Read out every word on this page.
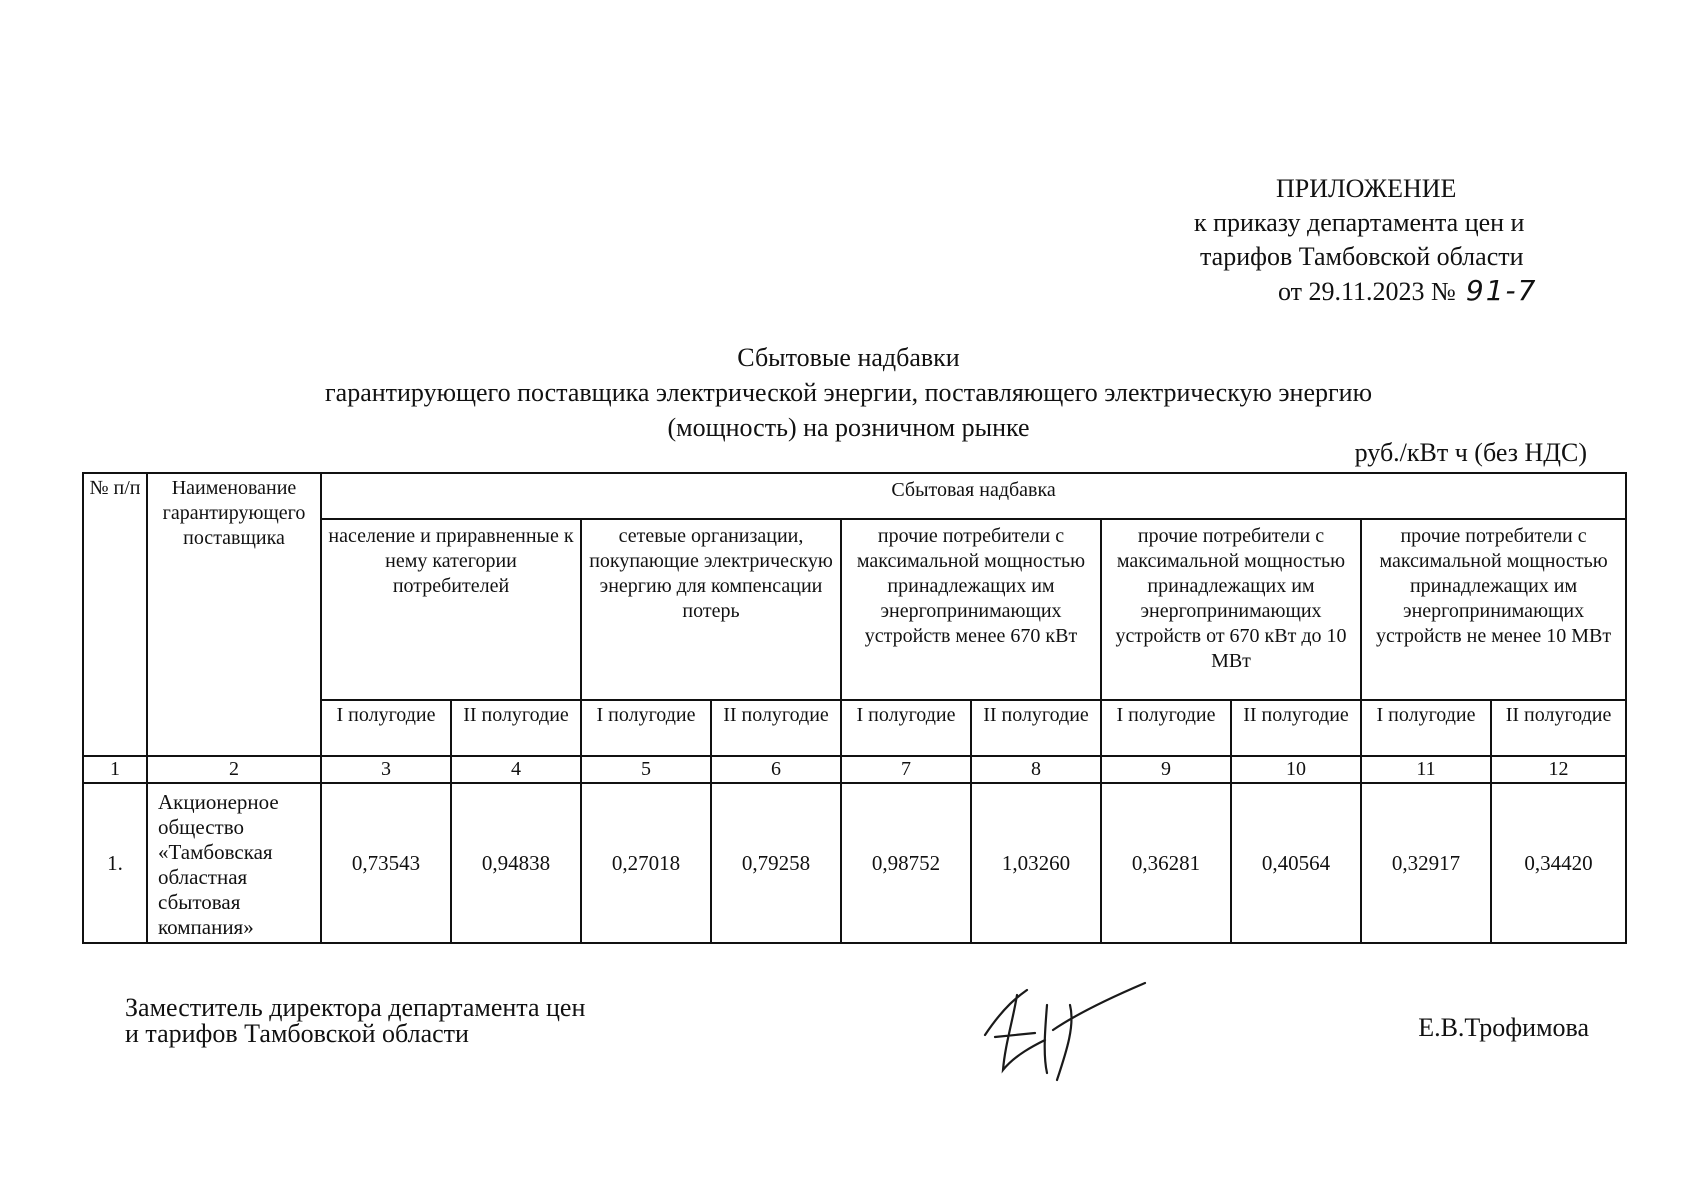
ПРИЛОЖЕНИЕ
к приказу департамента цен и
тарифов Тамбовской области
от 29.11.2023 № 91-7
Сбытовые надбавки
гарантирующего поставщика электрической энергии, поставляющего электрическую энергию
(мощность) на розничном рынке
руб./кВт ч (без НДС)
№ п/п	Наименование гарантирующего поставщика	Сбытовая надбавка									
		население и приравненные к нему категории потребителей		сетевые организации, покупающие электрическую энергию для компенсации потерь		прочие потребители с максимальной мощностью принадлежащих им энергопринимающих устройств менее 670 кВт		прочие потребители с максимальной мощностью принадлежащих им энергопринимающих устройств от 670 кВт до 10 МВт		прочие потребители с максимальной мощностью принадлежащих им энергопринимающих устройств не менее 10 МВт	
		I полугодие	II полугодие	I полугодие	II полугодие	I полугодие	II полугодие	I полугодие	II полугодие	I полугодие	II полугодие
1	2	3	4	5	6	7	8	9	10	11	12
1.	Акционерное общество «Тамбовская областная сбытовая компания»	0,73543	0,94838	0,27018	0,79258	0,98752	1,03260	0,36281	0,40564	0,32917	0,34420
Заместитель директора департамента цен
и тарифов Тамбовской области	Е.В.Трофимова
